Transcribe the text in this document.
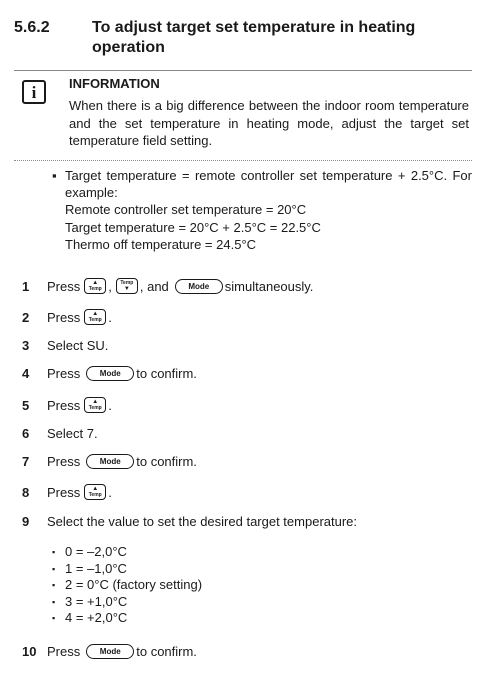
5.6.2	To adjust target set temperature in heating operation
i	INFORMATION
When there is a big difference between the indoor room temperature and the set temperature in heating mode, adjust the target set temperature field setting.
▪ Target temperature = remote controller set temperature + 2.5°C. For example:
Remote controller set temperature = 20°C
Target temperature = 20°C + 2.5°C = 22.5°C
Thermo off temperature = 24.5°C
1	Press ▲
Temp , Temp
▼ , and	Mode	simultaneously.
2	Press ▲
Temp .
3	Select SU.
4	Press	Mode	to confirm.
5	Press ▲
Temp .
6	Select 7.
7	Press	Mode	to confirm.
8	Press ▲
Temp .
9	Select the value to set the desired target temperature:
▪ 0 = –2,0°C
▪ 1 = –1,0°C
▪ 2 = 0°C (factory setting)
▪ 3 = +1,0°C
▪ 4 = +2,0°C
10 Press	Mode	to confirm.
